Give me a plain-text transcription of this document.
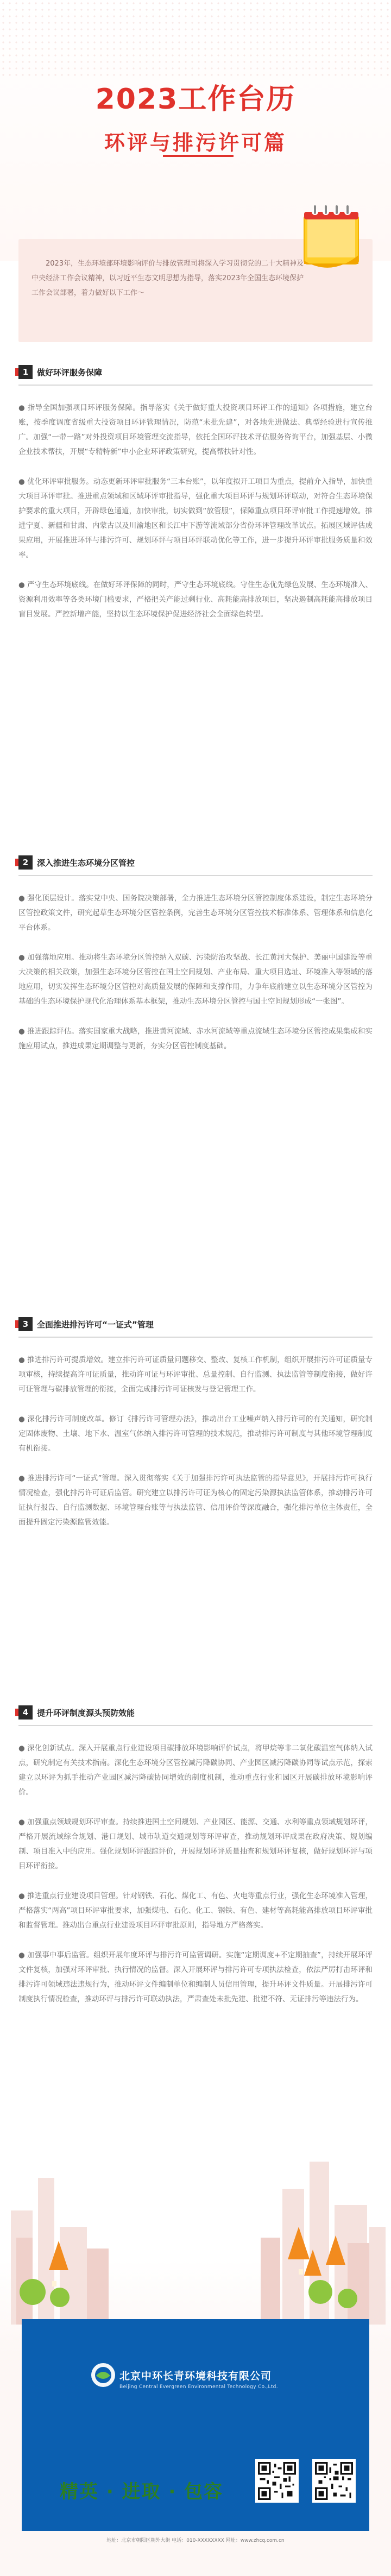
2023工作台历
环评与排污许可篇
2023年，生态环境部环境影响评价与排放管理司将深入学习贯彻党的二十大精神及中央经济工作会议精神，以习近平生态文明思想为指导，落实2023年全国生态环境保护工作会议部署，着力做好以下工作～
1	做好环评服务保障

● 指导全国加强项目环评服务保障。指导落实《关于做好重大投资项目环评工作的通知》各项措施，建立台账，按季度调度省级重大投资项目环评管理情况，防范“未批先建”，对各地先进做法、典型经验进行宣传推广。加强“一带一路”对外投资项目环境管理交流指导，依托全国环评技术评估服务咨询平台，加强基层、小微企业技术帮扶，开展“专精特新”中小企业环评政策研究，提高帮扶针对性。

● 优化环评审批服务。动态更新环评审批服务“三本台账”，以年度拟开工项目为重点，提前介入指导，加快重大项目环评审批。推进重点领域和区域环评审批指导，强化重大项目环评与规划环评联动，对符合生态环境保护要求的重大项目，开辟绿色通道，加快审批，切实做到“放管服”，保障重点项目环评审批工作提速增效。推进宁夏、新疆和甘肃、内蒙古以及川渝地区和长江中下游等流域部分省份环评管理改革试点。拓展区域评估成果应用，开展推进环评与排污许可、规划环评与项目环评联动优化等工作，进一步提升环评审批服务质量和效率。

● 严守生态环境底线。在做好环评保障的同时，严守生态环境底线。守住生态优先绿色发展、生态环境准入、资源利用效率等各类环境门槛要求，严格把关产能过剩行业、高耗能高排放项目，坚决遏制高耗能高排放项目盲目发展。严控新增产能，坚持以生态环境保护促进经济社会全面绿色转型。

2	深入推进生态环境分区管控

● 强化顶层设计。落实党中央、国务院决策部署，全力推进生态环境分区管控制度体系建设，制定生态环境分区管控政策文件，研究起草生态环境分区管控条例，完善生态环境分区管控技术标准体系、管理体系和信息化平台体系。

● 加强落地应用。推动将生态环境分区管控纳入双碳、污染防治攻坚战、长江黄河大保护、美丽中国建设等重大决策的相关政策，加强生态环境分区管控在国土空间规划、产业布局、重大项目选址、环境准入等领域的落地应用，切实发挥生态环境分区管控对高质量发展的保障和支撑作用，力争年底前建立以生态环境分区管控为基础的生态环境保护现代化治理体系基本框架，推动生态环境分区管控与国土空间规划形成“一张图”。

● 推进跟踪评估。落实国家重大战略，推进黄河流域、赤水河流域等重点流域生态环境分区管控成果集成和实施应用试点，推进成果定期调整与更新，夯实分区管控制度基础。

3	全面推进排污许可“一证式”管理

● 推进排污许可提质增效。建立排污许可证质量问题移交、整改、复核工作机制，组织开展排污许可证质量专项审核，持续提高许可证质量，推动许可证与环评审批、总量控制、自行监测、执法监管等制度衔接，做好许可证管理与碳排放管理的衔接，全面完成排污许可证核发与登记管理工作。

● 深化排污许可制度改革。修订《排污许可管理办法》，推动出台工业噪声纳入排污许可的有关通知，研究制定固体废物、土壤、地下水、温室气体纳入排污许可管理的技术规范，推动排污许可制度与其他环境管理制度有机衔接。

● 推进排污许可“一证式”管理。深入贯彻落实《关于加强排污许可执法监管的指导意见》，开展排污许可执行情况检查，强化排污许可证后监管。研究建立以排污许可证为核心的固定污染源执法监管体系，推动排污许可证执行报告、自行监测数据、环境管理台账等与执法监管、信用评价等深度融合，强化排污单位主体责任，全面提升固定污染源监管效能。

4	提升环评制度源头预防效能

● 深化创新试点。深入开展重点行业建设项目碳排放环境影响评价试点，将甲烷等非二氧化碳温室气体纳入试点，研究制定有关技术指南。深化生态环境分区管控减污降碳协同、产业园区减污降碳协同等试点示范，探索建立以环评为抓手推动产业园区减污降碳协同增效的制度机制，推动重点行业和园区开展碳排放环境影响评价。

● 加强重点领域规划环评审查。持续推进国土空间规划、产业园区、能源、交通、水利等重点领域规划环评，严格开展流域综合规划、港口规划、城市轨道交通规划等环评审查，推动规划环评成果在政府决策、规划编制、项目准入中的应用。强化规划环评跟踪评价，开展规划环评质量抽查和规划环评复核，做好规划环评与项目环评衔接。

● 推进重点行业建设项目管理。针对钢铁、石化、煤化工、有色、火电等重点行业，强化生态环境准入管理，严格落实“两高”项目环评审批要求，加强煤电、石化、化工、钢铁、有色、建材等高耗能高排放项目环评审批和监督管理。推动出台重点行业建设项目环评审批原则，指导地方严格落实。

● 加强事中事后监管。组织开展年度环评与排污许可监管调研。实施“定期调度+不定期抽查”，持续开展环评文件复核，加强对环评审批、执行情况的监督。深入开展环评与排污许可专项执法检查，依法严厉打击环评和排污许可领域违法违规行为，推动环评文件编制单位和编制人员信用管理，提升环评文件质量。开展排污许可制度执行情况检查，推动环评与排污许可联动执法，严肃查处未批先建、批建不符、无证排污等违法行为。

北京中环长青环境科技有限公司
Beijing Central Evergreen Environmental Technology Co.,Ltd.
精英 · 进取 · 包容
地址：北京市朝阳区朝外大街 电话：010-XXXXXXXX 网址：www.zhcq.com.cn
